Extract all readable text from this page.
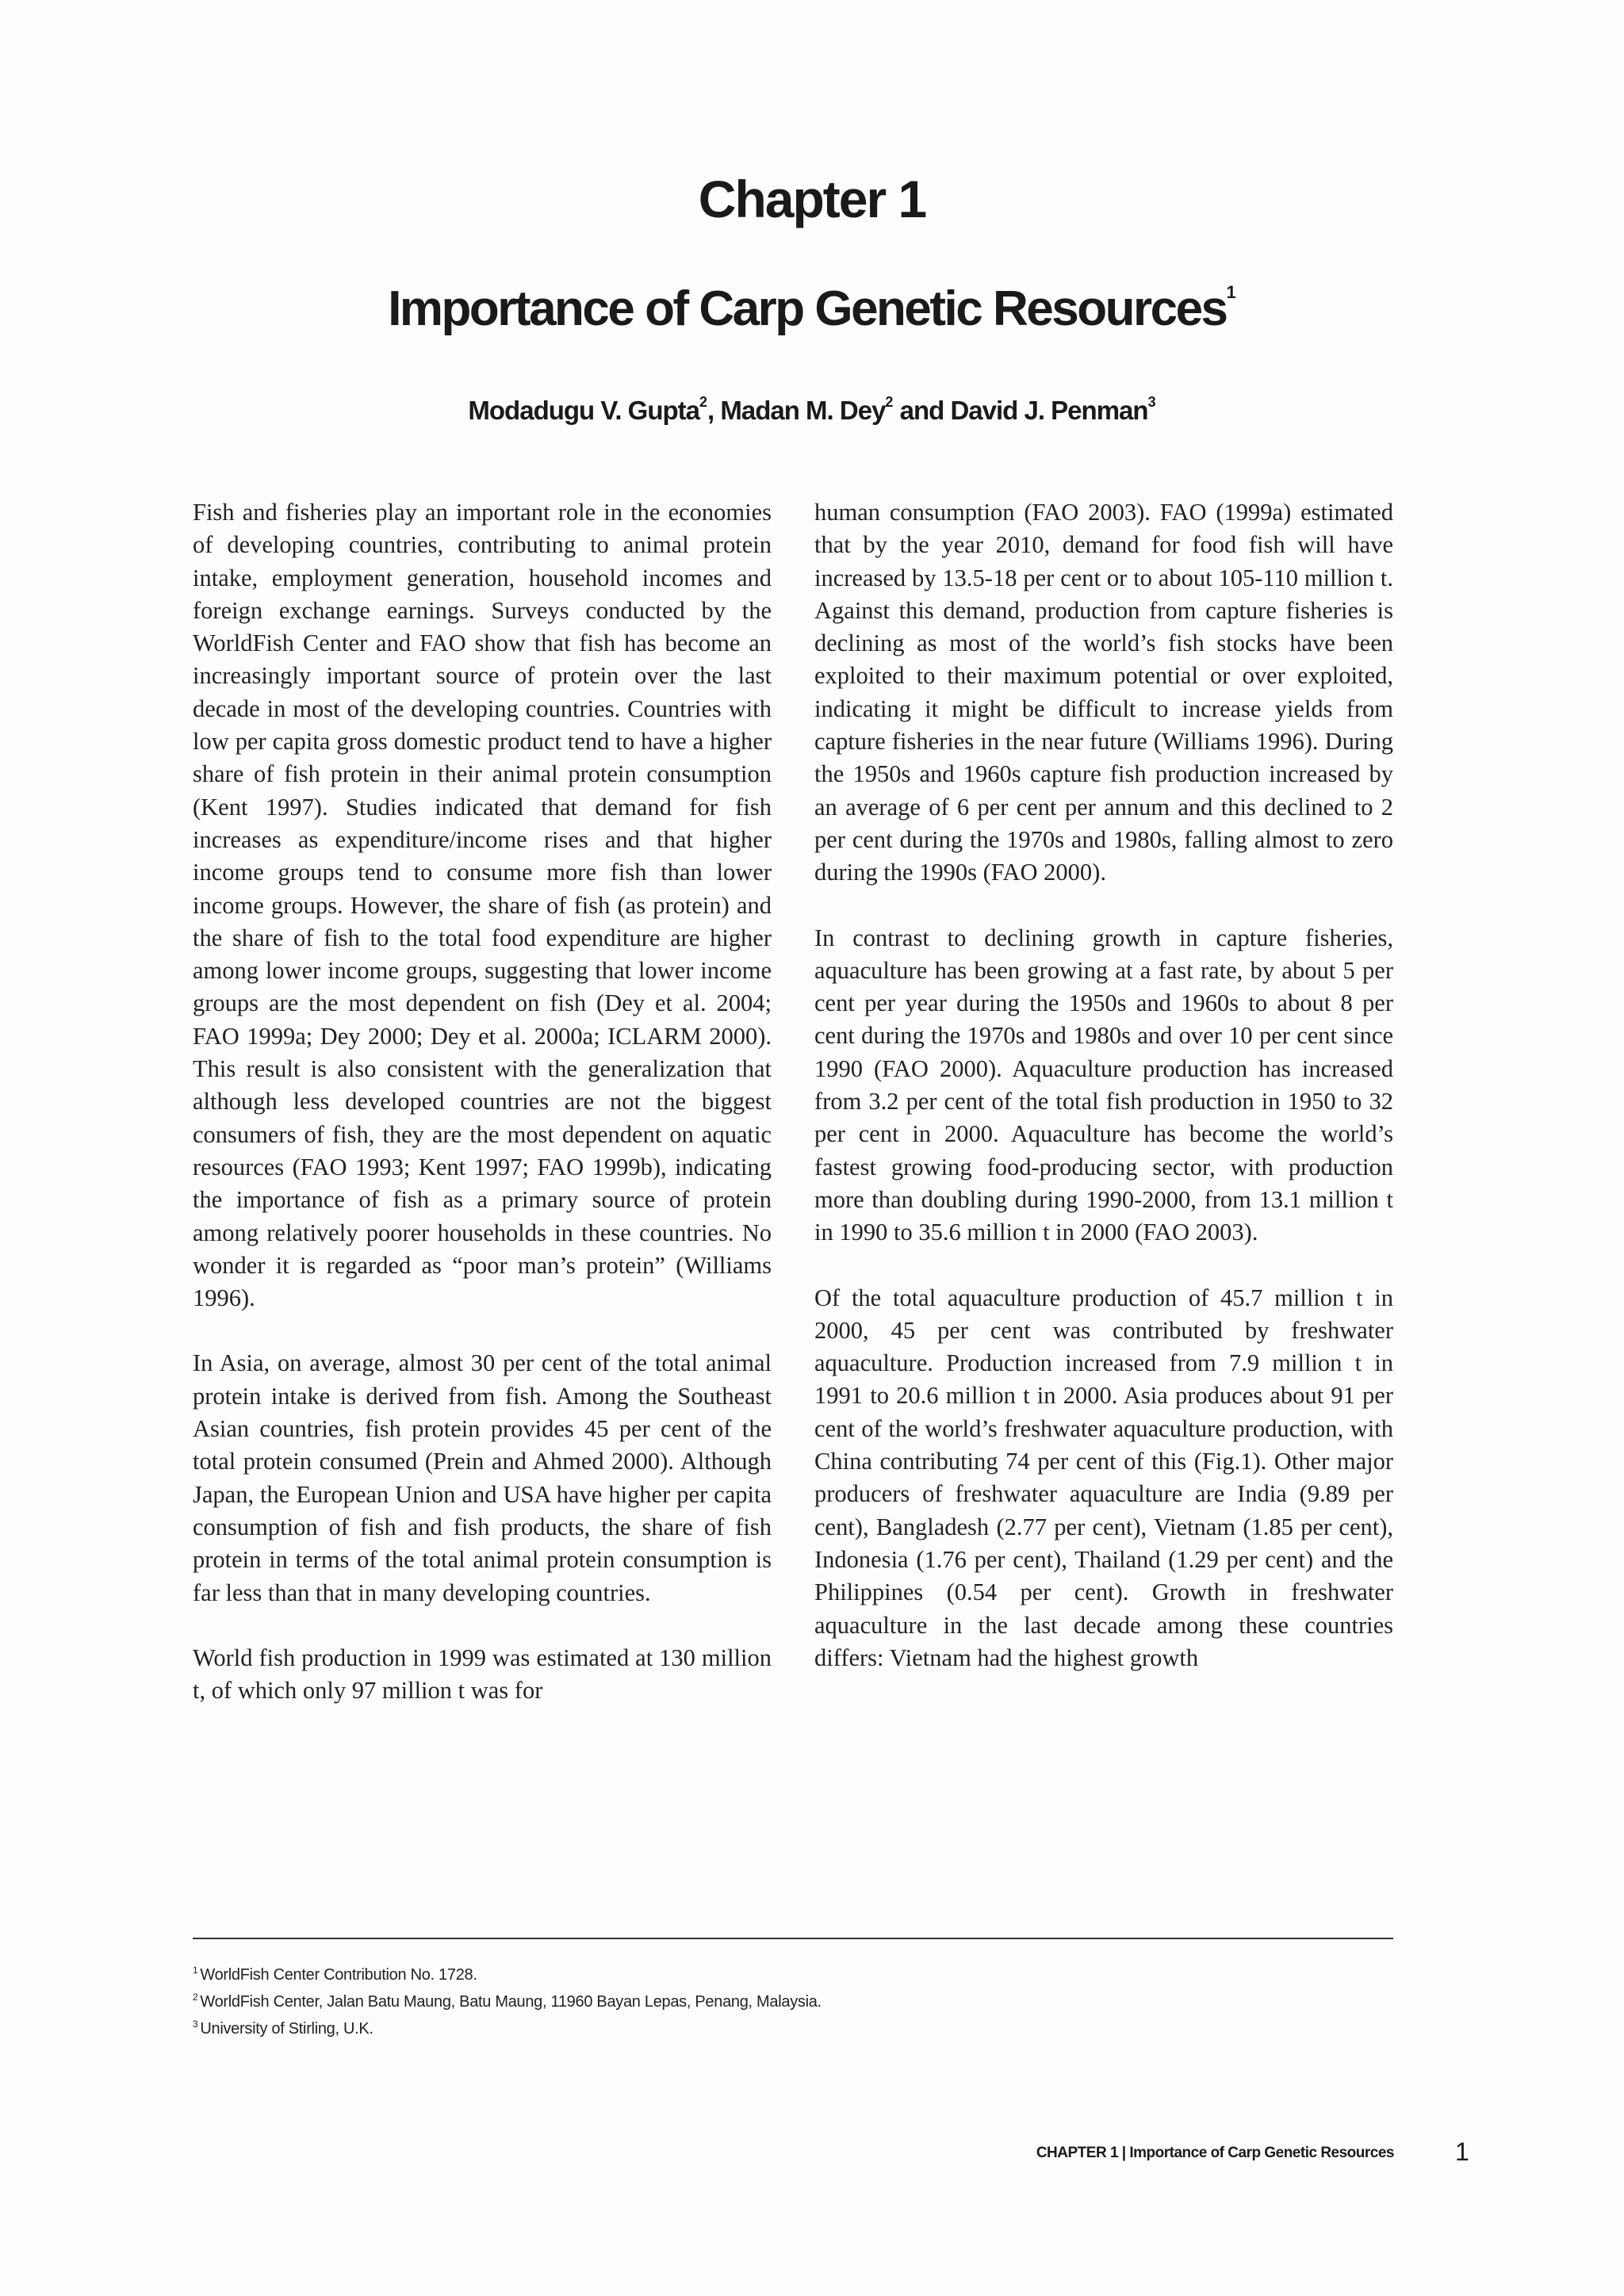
Chapter 1
Importance of Carp Genetic Resources$^1$
Modadugu V. Gupta$^2$, Madan M. Dey$^2$ and David J. Penman$^3$

Fish and fisheries play an important role in the economies of developing countries, contributing to animal protein intake, employment generation, household incomes and foreign exchange earnings. Surveys conducted by the WorldFish Center and FAO show that fish has become an increasingly important source of protein over the last decade in most of the developing countries. Countries with low per capita gross domestic product tend to have a higher share of fish protein in their animal protein consumption (Kent 1997). Studies indicated that demand for fish increases as expenditure/income rises and that higher income groups tend to consume more fish than lower income groups. However, the share of fish (as protein) and the share of fish to the total food expenditure are higher among lower income groups, suggesting that lower income groups are the most dependent on fish (Dey et al. 2004; FAO 1999a; Dey 2000; Dey et al. 2000a; ICLARM 2000). This result is also consistent with the generalization that although less developed countries are not the biggest consumers of fish, they are the most dependent on aquatic resources (FAO 1993; Kent 1997; FAO 1999b), indicating the importance of fish as a primary source of protein among relatively poorer households in these countries. No wonder it is regarded as “poor man’s protein” (Williams 1996).

In Asia, on average, almost 30 per cent of the total animal protein intake is derived from fish. Among the Southeast Asian countries, fish protein provides 45 per cent of the total protein consumed (Prein and Ahmed 2000). Although Japan, the European Union and USA have higher per capita consumption of fish and fish products, the share of fish protein in terms of the total animal protein consumption is far less than that in many developing countries.

World fish production in 1999 was estimated at 130 million t, of which only 97 million t was for

human consumption (FAO 2003). FAO (1999a) estimated that by the year 2010, demand for food fish will have increased by 13.5-18 per cent or to about 105-110 million t. Against this demand, production from capture fisheries is declining as most of the world’s fish stocks have been exploited to their maximum potential or over exploited, indicating it might be difficult to increase yields from capture fisheries in the near future (Williams 1996). During the 1950s and 1960s capture fish production increased by an average of 6 per cent per annum and this declined to 2 per cent during the 1970s and 1980s, falling almost to zero during the 1990s (FAO 2000).

In contrast to declining growth in capture fisheries, aquaculture has been growing at a fast rate, by about 5 per cent per year during the 1950s and 1960s to about 8 per cent during the 1970s and 1980s and over 10 per cent since 1990 (FAO 2000). Aquaculture production has increased from 3.2 per cent of the total fish production in 1950 to 32 per cent in 2000. Aquaculture has become the world’s fastest growing food-producing sector, with production more than doubling during 1990-2000, from 13.1 million t in 1990 to 35.6 million t in 2000 (FAO 2003).

Of the total aquaculture production of 45.7 million t in 2000, 45 per cent was contributed by freshwater aquaculture. Production increased from 7.9 million t in 1991 to 20.6 million t in 2000. Asia produces about 91 per cent of the world’s freshwater aquaculture production, with China contributing 74 per cent of this (Fig.1). Other major producers of freshwater aquaculture are India (9.89 per cent), Bangladesh (2.77 per cent), Vietnam (1.85 per cent), Indonesia (1.76 per cent), Thailand (1.29 per cent) and the Philippines (0.54 per cent). Growth in freshwater aquaculture in the last decade among these countries differs: Vietnam had the highest growth

$^1$ WorldFish Center Contribution No. 1728.
$^2$ WorldFish Center, Jalan Batu Maung, Batu Maung, 11960 Bayan Lepas, Penang, Malaysia.
$^3$ University of Stirling, U.K.
CHAPTER 1 | Importance of Carp Genetic Resources 1
